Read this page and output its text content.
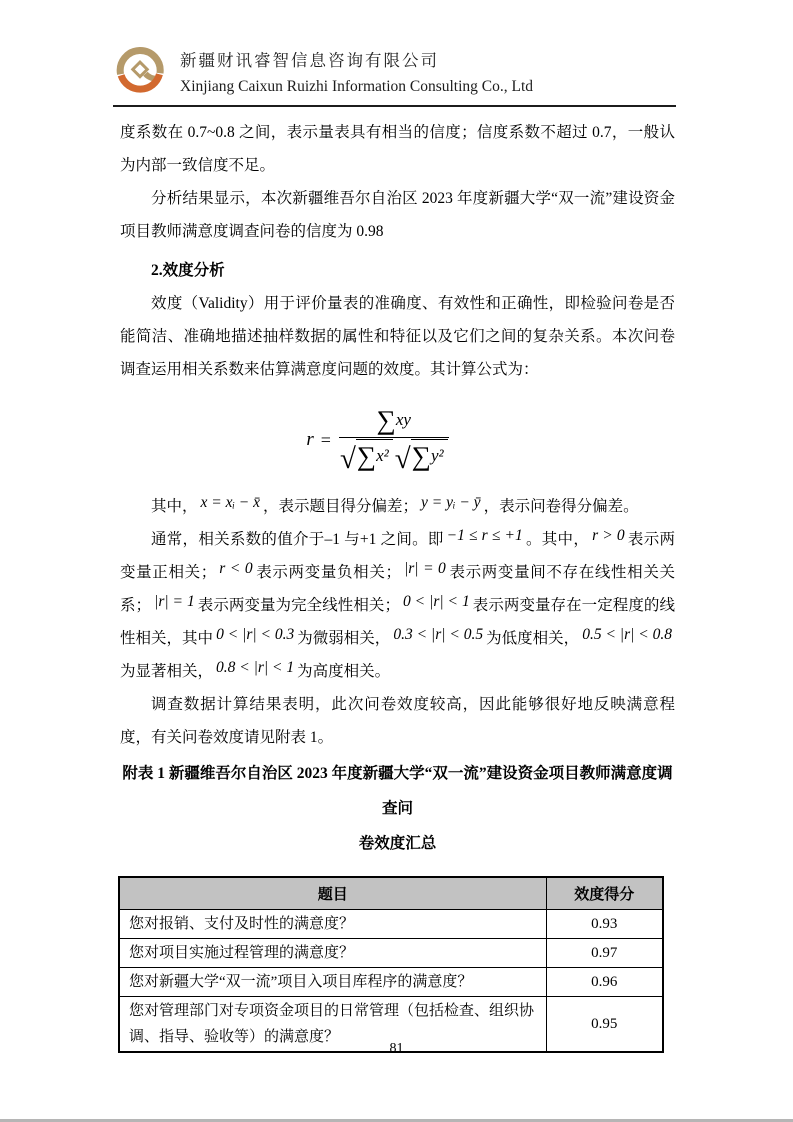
新疆财讯睿智信息咨询有限公司
Xinjiang Caixun Ruizhi Information Consulting Co., Ltd

度系数在 0.7~0.8 之间，表示量表具有相当的信度；信度系数不超过 0.7，一般认为内部一致信度不足。

分析结果显示，本次新疆维吾尔自治区 2023 年度新疆大学“双一流”建设资金项目教师满意度调查问卷的信度为 0.98

2.效度分析

效度（Validity）用于评价量表的准确度、有效性和正确性，即检验问卷是否能简洁、准确地描述抽样数据的属性和特征以及它们之间的复杂关系。本次问卷调查运用相关系数来估算满意度问题的效度。其计算公式为：

$r = \frac{\sum xy}{\text{√∑x² √∑y²}}$

其中， x = xᵢ − x̄ ，表示题目得分偏差； y = yᵢ − ȳ ，表示问卷得分偏差。

通常，相关系数的值介于–1 与+1 之间。即 −1 ≤ r ≤ +1 。其中， r > 0 表示两变量正相关； r < 0 表示两变量负相关； |r| = 0 表示两变量间不存在线性相关关系； |r| = 1 表示两变量为完全线性相关； 0 < |r| < 1 表示两变量存在一定程度的线性相关，其中 0 < |r| < 0.3 为微弱相关， 0.3 < |r| < 0.5 为低度相关， 0.5 < |r| < 0.8为显著相关， 0.8 < |r| < 1 为高度相关。

调查数据计算结果表明，此次问卷效度较高，因此能够很好地反映满意程度，有关问卷效度请见附表 1。

附表 1 新疆维吾尔自治区 2023 年度新疆大学“双一流”建设资金项目教师满意度调查问
卷效度汇总
题目	效度得分
您对报销、支付及时性的满意度？	0.93
您对项目实施过程管理的满意度？	0.97
您对新疆大学“双一流”项目入项目库程序的满意度？	0.96
您对管理部门对专项资金项目的日常管理（包括检查、组织协调、指导、验收等）的满意度？	0.95
81
